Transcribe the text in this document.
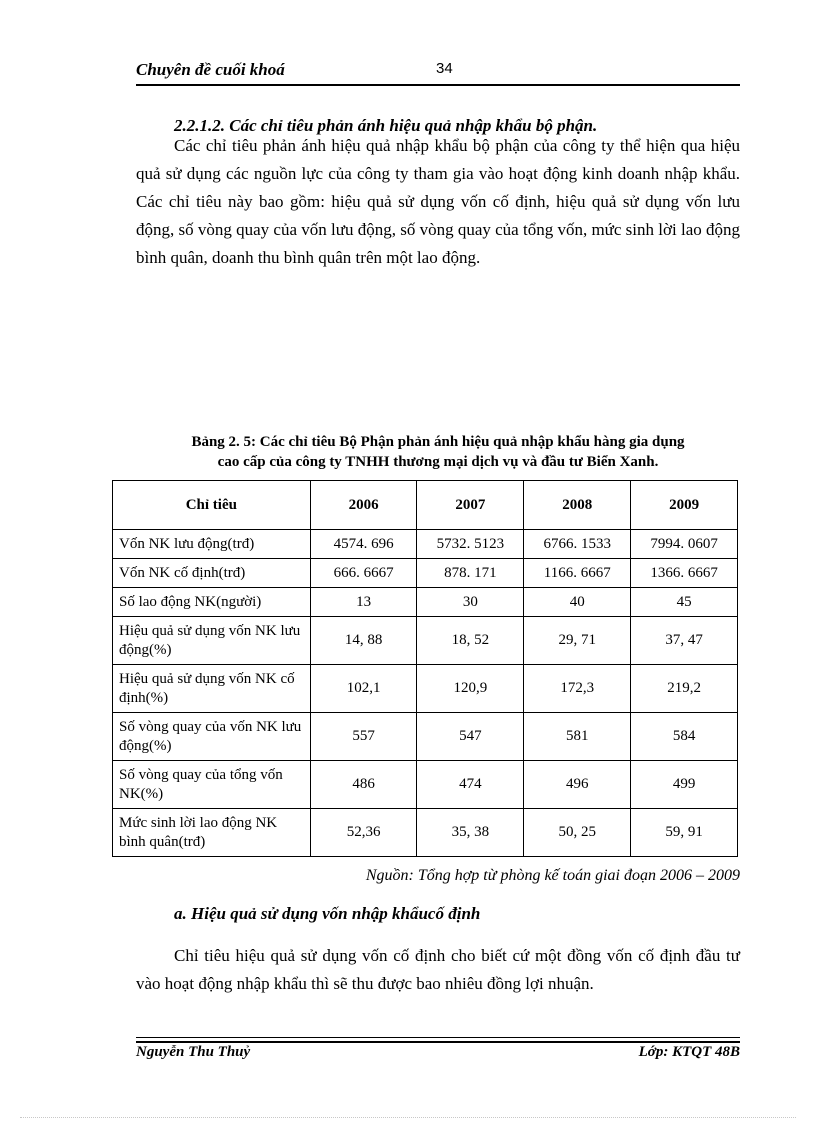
Chuyên đề cuối khoá	34
2.2.1.2. Các chỉ tiêu phản ánh hiệu quả nhập khẩu bộ phận.

Các chỉ tiêu phản ánh hiệu quả nhập khẩu bộ phận của công ty thể hiện qua hiệu quả sử dụng các nguồn lực của công ty tham gia vào hoạt động kinh doanh nhập khẩu. Các chỉ tiêu này bao gồm: hiệu quả sử dụng vốn cố định, hiệu quả sử dụng vốn lưu động, số vòng quay của vốn lưu động, số vòng quay của tổng vốn, mức sinh lời lao động bình quân, doanh thu bình quân trên một lao động.

Bảng 2. 5: Các chỉ tiêu Bộ Phận phản ánh hiệu quả nhập khẩu hàng gia dụng
cao cấp của công ty TNHH thương mại dịch vụ và đầu tư Biển Xanh.
Chỉ tiêu	2006	2007	2008	2009
Vốn NK lưu động(trđ)	4574. 696	5732. 5123	6766. 1533	7994. 0607
Vốn NK cố định(trđ)	666. 6667	878. 171	1166. 6667	1366. 6667
Số lao động NK(người)	13	30	40	45
Hiệu quả sử dụng vốn NK lưu động(%)	14, 88	18, 52	29, 71	37, 47
Hiệu quả sử dụng vốn NK cố định(%)	102,1	120,9	172,3	219,2
Số vòng quay của vốn NK lưu động(%)	557	547	581	584
Số vòng quay của tổng vốn NK(%)	486	474	496	499
Mức sinh lời lao động NK bình quân(trđ)	52,36	35, 38	50, 25	59, 91
Nguồn: Tổng hợp từ phòng kế toán giai đoạn 2006 – 2009
a. Hiệu quả sử dụng vốn nhập khẩucố định

Chỉ tiêu hiệu quả sử dụng vốn cố định cho biết cứ một đồng vốn cố định đầu tư vào hoạt động nhập khẩu thì sẽ thu được bao nhiêu đồng lợi nhuận.

Nguyễn Thu Thuỷ	Lớp: KTQT 48B
